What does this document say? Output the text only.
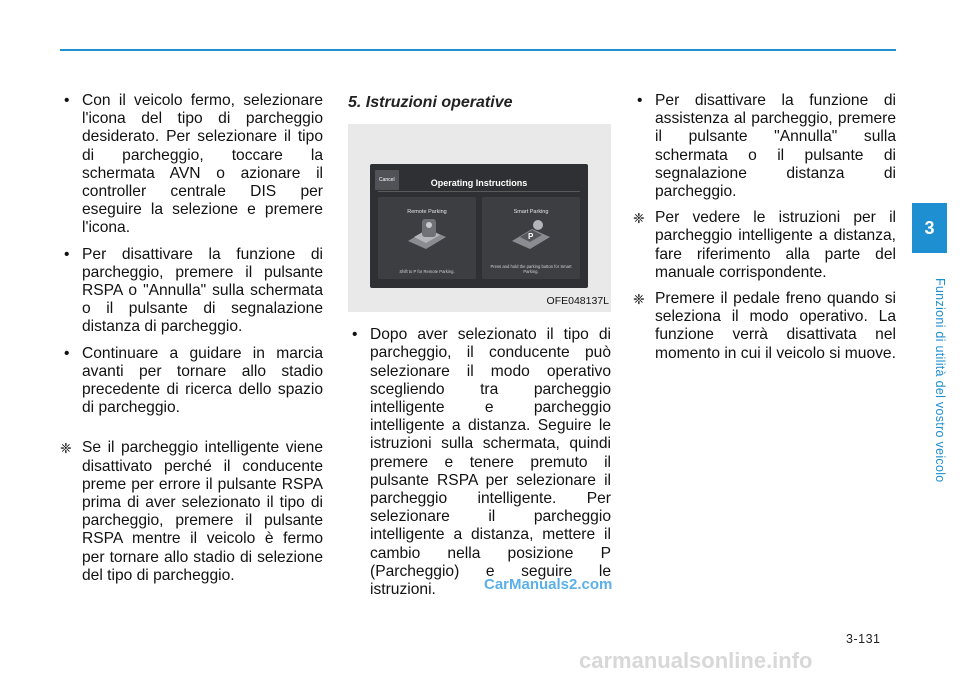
• Con il veicolo fermo, selezionare l'icona del tipo di parcheggio desiderato. Per selezionare il tipo di parcheggio, toccare la schermata AVN o azionare il controller centrale DIS per eseguire la selezione e premere l'icona.
• Per disattivare la funzione di parcheggio, premere il pulsante RSPA o "Annulla" sulla schermata o il pulsante di segnalazione distanza di parcheggio.
• Continuare a guidare in marcia avanti per tornare allo stadio precedente di ricerca dello spazio di parcheggio.
❈ Se il parcheggio intelligente viene disattivato perché il conducente preme per errore il pulsante RSPA prima di aver selezionato il tipo di parcheggio, premere il pulsante RSPA mentre il veicolo è fermo per tornare allo stadio di selezione del tipo di parcheggio.
5. Istruzioni operative
Cancel	Operating Instructions
Remote Parking
Shift to P for Remote Parking.
Smart Parking
P
Press and hold the parking button for Smart Parking.
OFE048137L
• Dopo aver selezionato il tipo di parcheggio, il conducente può selezionare il modo operativo scegliendo tra parcheggio intelligente e parcheggio intelligente a distanza. Seguire le istruzioni sulla schermata, quindi premere e tenere premuto il pulsante RSPA per selezionare il parcheggio intelligente. Per selezionare il parcheggio intelligente a distanza, mettere il cambio nella posizione P (Parcheggio) e seguire le istruzioni.
• Per disattivare la funzione di assistenza al parcheggio, premere il pulsante "Annulla" sulla schermata o il pulsante di segnalazione distanza di parcheggio.
❈ Per vedere le istruzioni per il parcheggio intelligente a distanza, fare riferimento alla parte del manuale corrispondente.
❈ Premere il pedale freno quando si seleziona il modo operativo. La funzione verrà disattivata nel momento in cui il veicolo si muove.
3
Funzioni di utilità del vostro veicolo
3-131
CarManuals2.com
carmanualsonline.info
